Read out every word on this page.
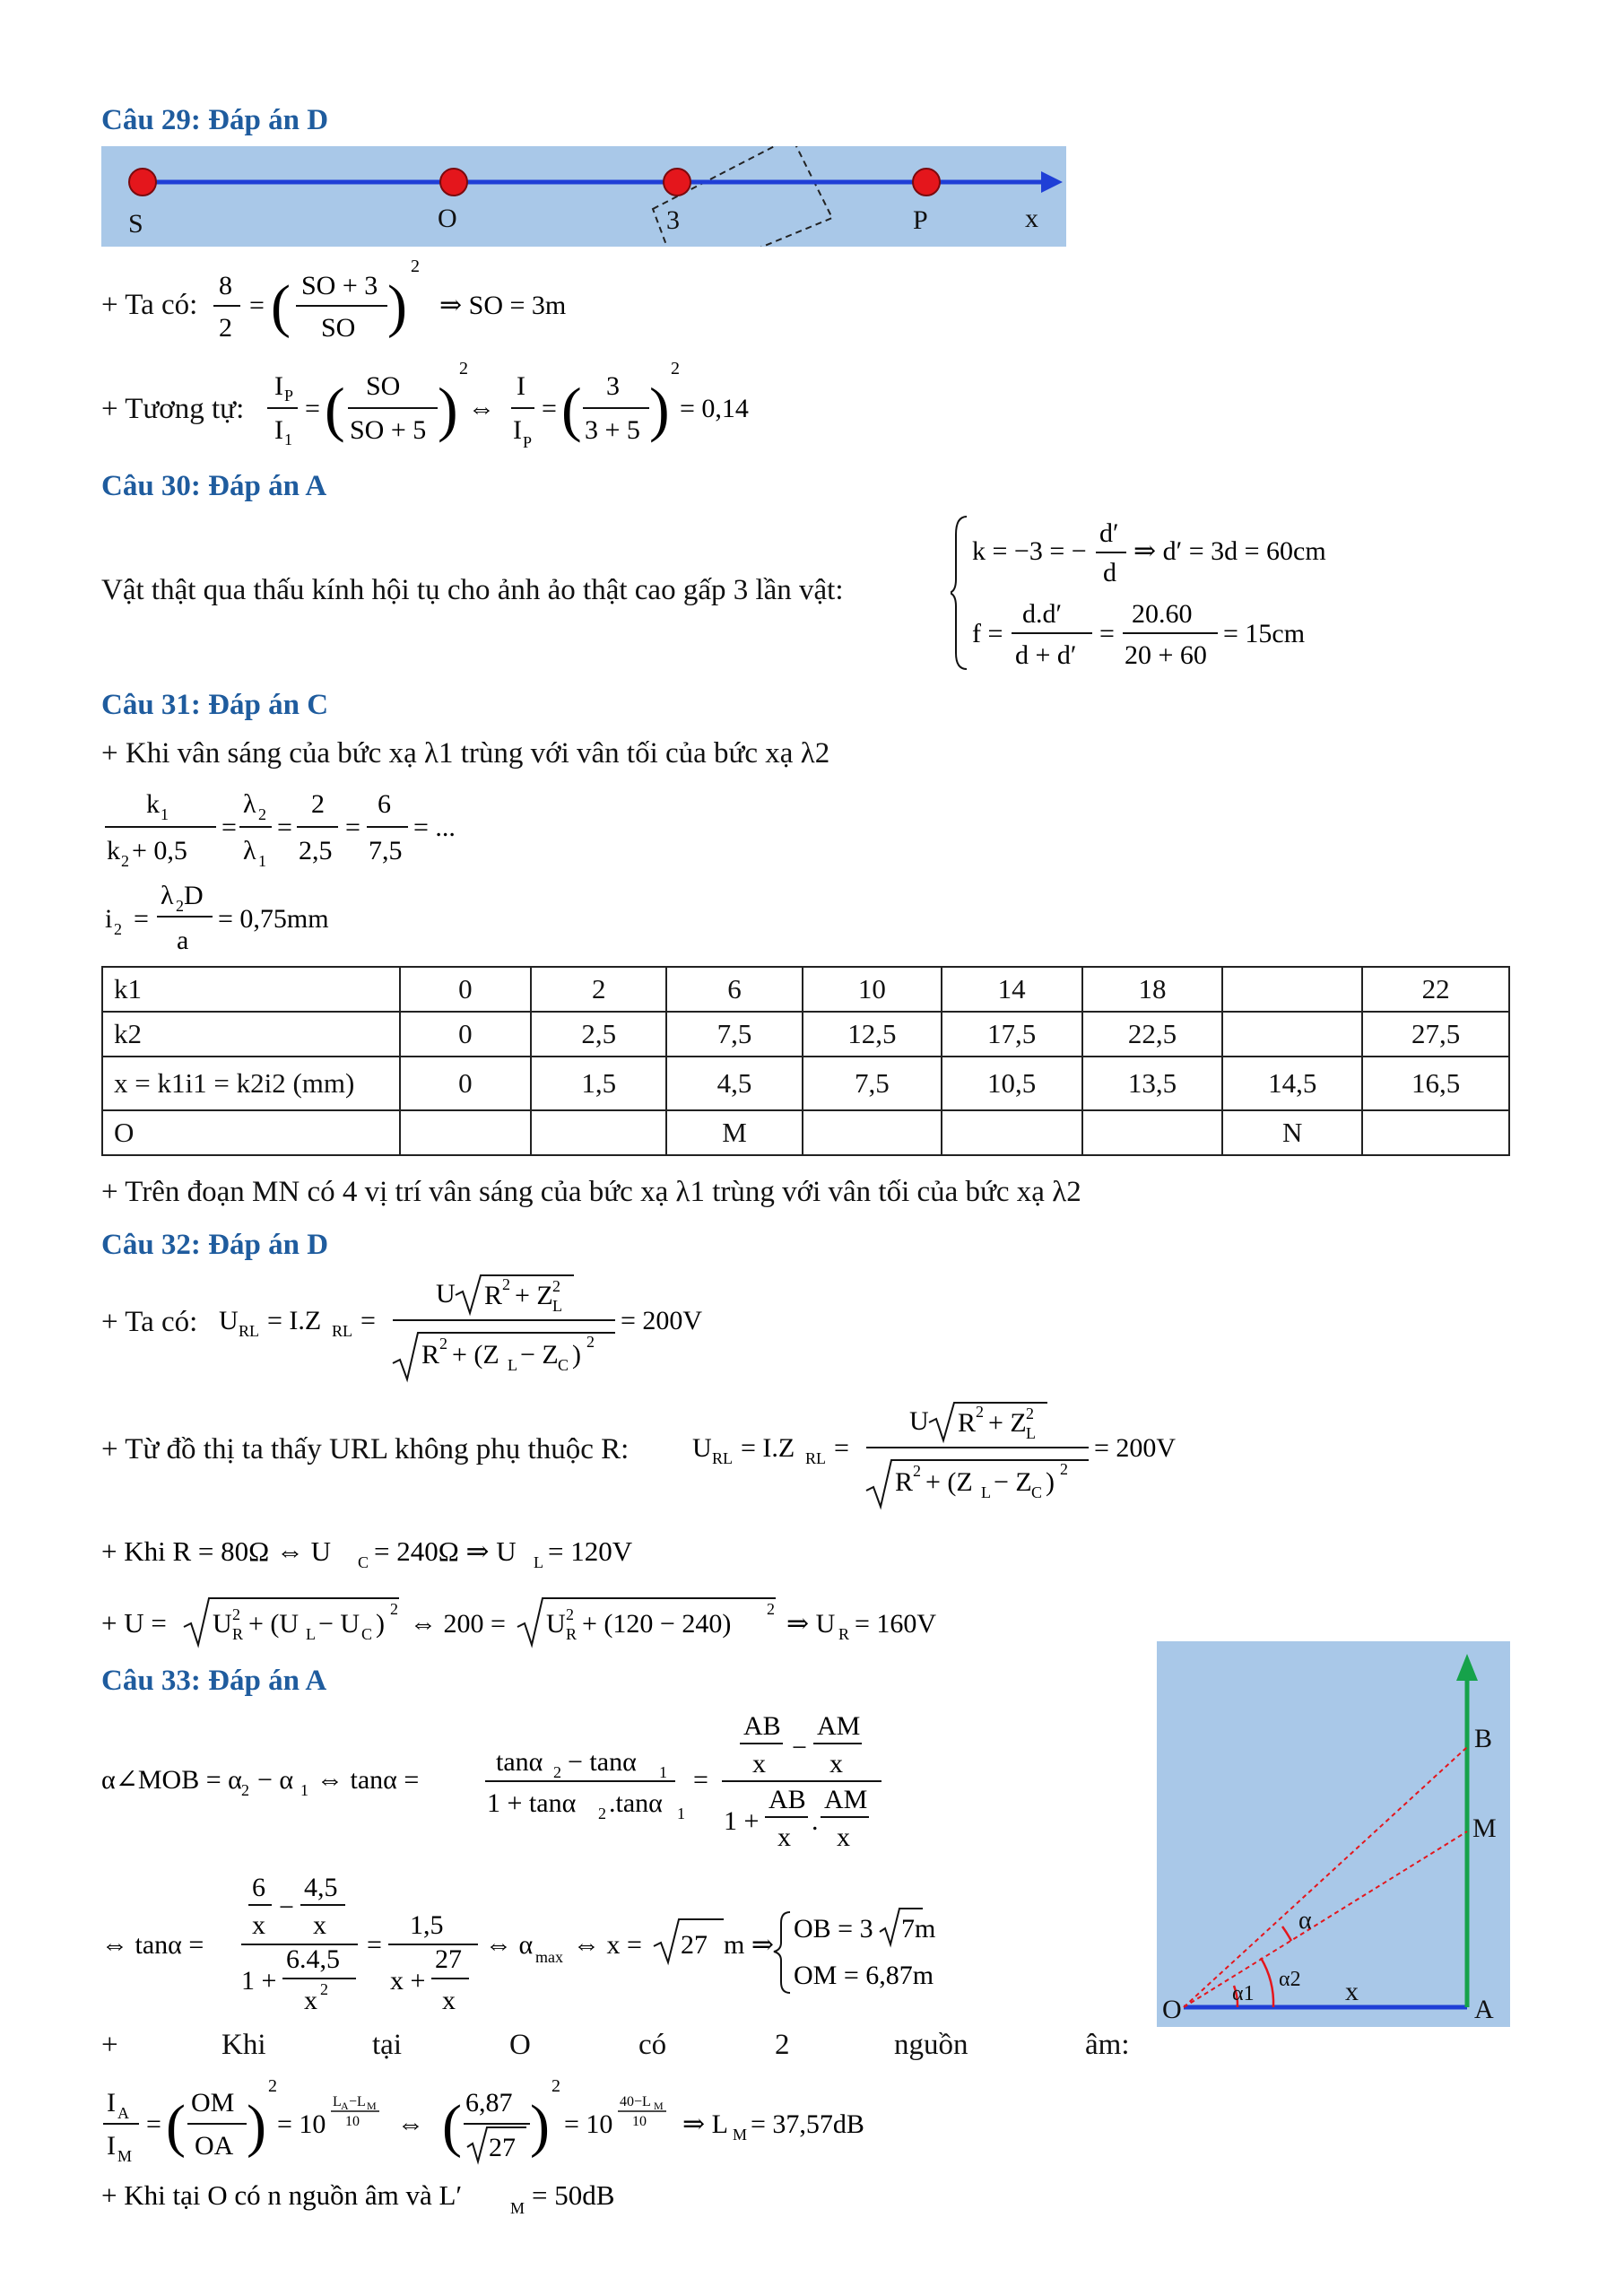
Câu 29: Đáp án D
S	O	3	P	x
+ Ta có:
8
2
= ( SO + 3
SO )
2
⇒ SO = 3m
+ Tương tự:
I P
I 1
= ( SO
SO + 5 )
2
⇔
I
I P
= ( 3
3 + 5 )
2
= 0,14
Câu 30: Đáp án A
Vật thật qua thấu kính hội tụ cho ảnh ảo thật cao gấp 3 lần vật:
k = −3 = −
d′
d
⇒ d′ = 3d = 60cm
f =
d.d′
d + d′
=
20.60
20 + 60
= 15cm
Câu 31: Đáp án C
+ Khi vân sáng của bức xạ λ1 trùng với vân tối của bức xạ λ2
k 1
k 2 + 0,5
=
λ 2
λ 1
=
2
2,5
=
6
7,5
= ...
i 2 =
λ 2 D
a
= 0,75mm
k1	0	2	6	10	14	18		22
k2	0	2,5	7,5	12,5	17,5	22,5		27,5
x = k1i1 = k2i2 (mm)	0	1,5	4,5	7,5	10,5	13,5	14,5	16,5
O			M				N	
+ Trên đoạn MN có 4 vị trí vân sáng của bức xạ λ1 trùng với vân tối của bức xạ λ2
Câu 32: Đáp án D
+ Ta có: U RL = I.Z RL =
U R 2 + Z 2
L
R 2 + (Z L − Z C ) 2
= 200V
+ Từ đồ thị ta thấy URL không phụ thuộc R: U RL = I.Z RL =
U R 2 + Z 2
L
R 2 + (Z L − Z C ) 2
= 200V
+ Khi R = 80Ω ⇔ U C = 240Ω ⇒ U L = 120V
+ U = U 2
R + (U L − U C ) 2 ⇔ 200 = U 2
R + (120 − 240) 2 ⇒ U R = 160V
Câu 33: Đáp án A
α∠MOB = α 2 − α 1 ⇔ tanα =
tanα 2 − tanα 1
1 + tanα 2 .tanα 1
=
AB
x
−
AM
x
1 +
AB
x
.
AM
x
⇔ tanα =
6
x
−
4,5
x
1 +
6.4,5
x 2
=
1,5
x +
27
x
⇔ α max ⇔ x = 27 m ⇒
OB = 3 7m
OM = 6,87m
+	Khi	tại	O	có	2	nguồn	âm:
I A
I M
= ( OM
OA )
2
= 10
L A −L M
10 ⇔ ( 6,87
27 )
2
= 10
40−L M
10 ⇒ L M = 37,57dB
+ Khi tại O có n nguồn âm và L′	M = 50dB
B
M
O	A
x
α
α1
α2
